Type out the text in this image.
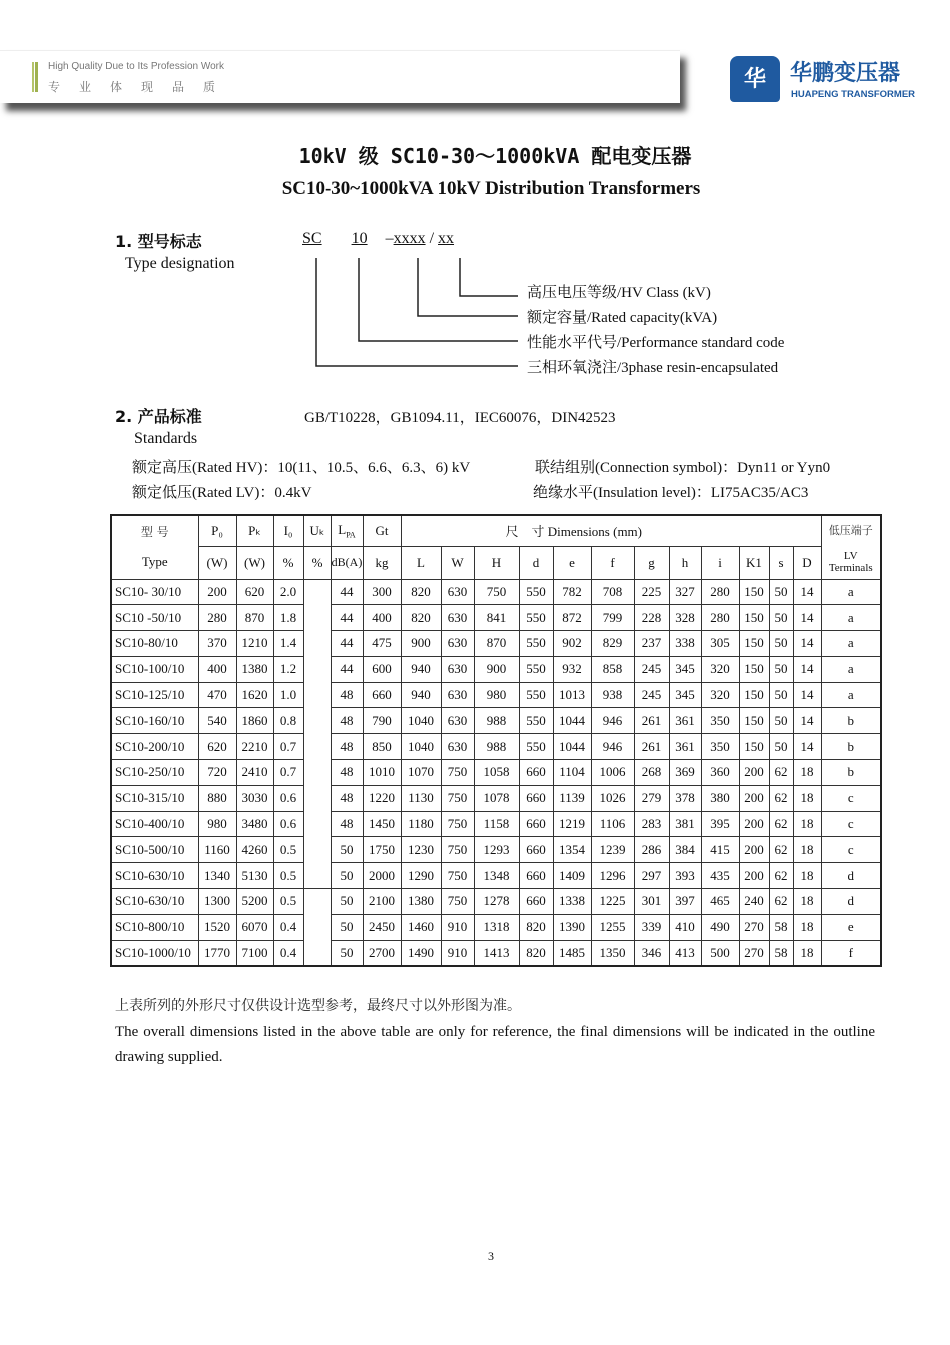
High Quality Due to Its Profession Work
专业体现品质	华	华鹏变压器
HUAPENG TRANSFORMER
10kV 级 SC10-30～1000kVA 配电变压器
SC10-30~1000kVA 10kV Distribution Transformers
1. 型号标志
Type designation
SC 10 –xxxx / xx
高压电压等级/HV Class (kV)
额定容量/Rated capacity(kVA)
性能水平代号/Performance standard code
三相环氧浇注/3phase resin-encapsulated
2. 产品标准	GB/T10228，GB1094.11，IEC60076，DIN42523
Standards
额定高压(Rated HV)：10(11、10.5、6.6、6.3、6) kV	联结组别(Connection symbol)：Dyn11 or Yyn0
额定低压(Rated LV)：0.4kV	绝缘水平(Insulation level)：LI75AC35/AC3
型 号	P₀	Pₖ	I₀	Uₖ	$L_{PA}$	Gt	尺　寸 Dimensions (mm)												低压端子
Type	(W)	(W)	%	%	dB(A)	kg	L	W	H	d	e	f	g	h	i	K1	s	D	LV Terminals
SC10- 30/10	200	620	2.0		44	300	820	630	750	550	782	708	225	327	280	150	50	14	a
SC10 -50/10	280	870	1.8		44	400	820	630	841	550	872	799	228	328	280	150	50	14	a
SC10-80/10	370	1210	1.4		44	475	900	630	870	550	902	829	237	338	305	150	50	14	a
SC10-100/10	400	1380	1.2		44	600	940	630	900	550	932	858	245	345	320	150	50	14	a
SC10-125/10	470	1620	1.0		48	660	940	630	980	550	1013	938	245	345	320	150	50	14	a
SC10-160/10	540	1860	0.8		48	790	1040	630	988	550	1044	946	261	361	350	150	50	14	b
SC10-200/10	620	2210	0.7		48	850	1040	630	988	550	1044	946	261	361	350	150	50	14	b
SC10-250/10	720	2410	0.7		48	1010	1070	750	1058	660	1104	1006	268	369	360	200	62	18	b
SC10-315/10	880	3030	0.6		48	1220	1130	750	1078	660	1139	1026	279	378	380	200	62	18	c
SC10-400/10	980	3480	0.6		48	1450	1180	750	1158	660	1219	1106	283	381	395	200	62	18	c
SC10-500/10	1160	4260	0.5		50	1750	1230	750	1293	660	1354	1239	286	384	415	200	62	18	c
SC10-630/10	1340	5130	0.5		50	2000	1290	750	1348	660	1409	1296	297	393	435	200	62	18	d
SC10-630/10	1300	5200	0.5		50	2100	1380	750	1278	660	1338	1225	301	397	465	240	62	18	d
SC10-800/10	1520	6070	0.4		50	2450	1460	910	1318	820	1390	1255	339	410	490	270	58	18	e
SC10-1000/10	1770	7100	0.4		50	2700	1490	910	1413	820	1485	1350	346	413	500	270	58	18	f
上表所列的外形尺寸仅供设计选型参考，最终尺寸以外形图为准。
The overall dimensions listed in the above table are only for reference, the final dimensions will be indicated in the outline drawing supplied.
3
